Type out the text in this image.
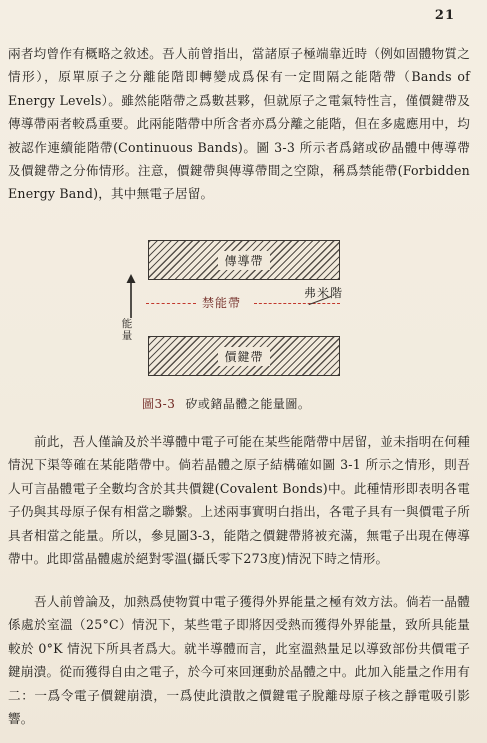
21
兩者均曾作有概略之敘述。吾人前曾指出，當諸原子極端靠近時（例如固體物質之情形），原單原子之分離能階即轉變成爲保有一定間隔之能階帶（Bands of Energy Levels）。雖然能階帶之爲數甚夥，但就原子之電氣特性言，僅價鍵帶及傳導帶兩者較爲重要。此兩能階帶中所含者亦爲分離之能階，但在多處應用中，均被認作連續能階帶(Continuous Bands)。圖 3-3 所示者爲鍺或矽晶體中傳導帶及價鍵帶之分佈情形。注意，價鍵帶與傳導帶間之空隙，稱爲禁能帶(Forbidden Energy Band)，其中無電子居留。
傳導帶
禁能帶
弗米階
能量
價鍵帶
圖3-3 矽或鍺晶體之能量圖。
前此，吾人僅論及於半導體中電子可能在某些能階帶中居留，並未指明在何種情況下渠等確在某能階帶中。倘若晶體之原子結構確如圖 3-1 所示之情形，則吾人可言晶體電子全數均含於其共價鍵(Covalent Bonds)中。此種情形即表明各電子仍與其母原子保有相當之聯繫。上述兩事實明白指出，各電子具有一與價電子所具者相當之能量。所以，參見圖3-3，能階之價鍵帶將被充滿，無電子出現在傳導帶中。此即當晶體處於絕對零溫(攝氏零下273度)情況下時之情形。
吾人前曾論及，加熱爲使物質中電子獲得外界能量之極有效方法。倘若一晶體係處於室溫（25°C）情況下，某些電子即將因受熱而獲得外界能量，致所具能量較於 0°K 情況下所具者爲大。就半導體而言，此室溫熱量足以導致部份共價電子鍵崩潰。從而獲得自由之電子，於今可來回運動於晶體之中。此加入能量之作用有二：一爲令電子價鍵崩潰，一爲使此潰散之價鍵電子脫離母原子核之靜電吸引影響。
